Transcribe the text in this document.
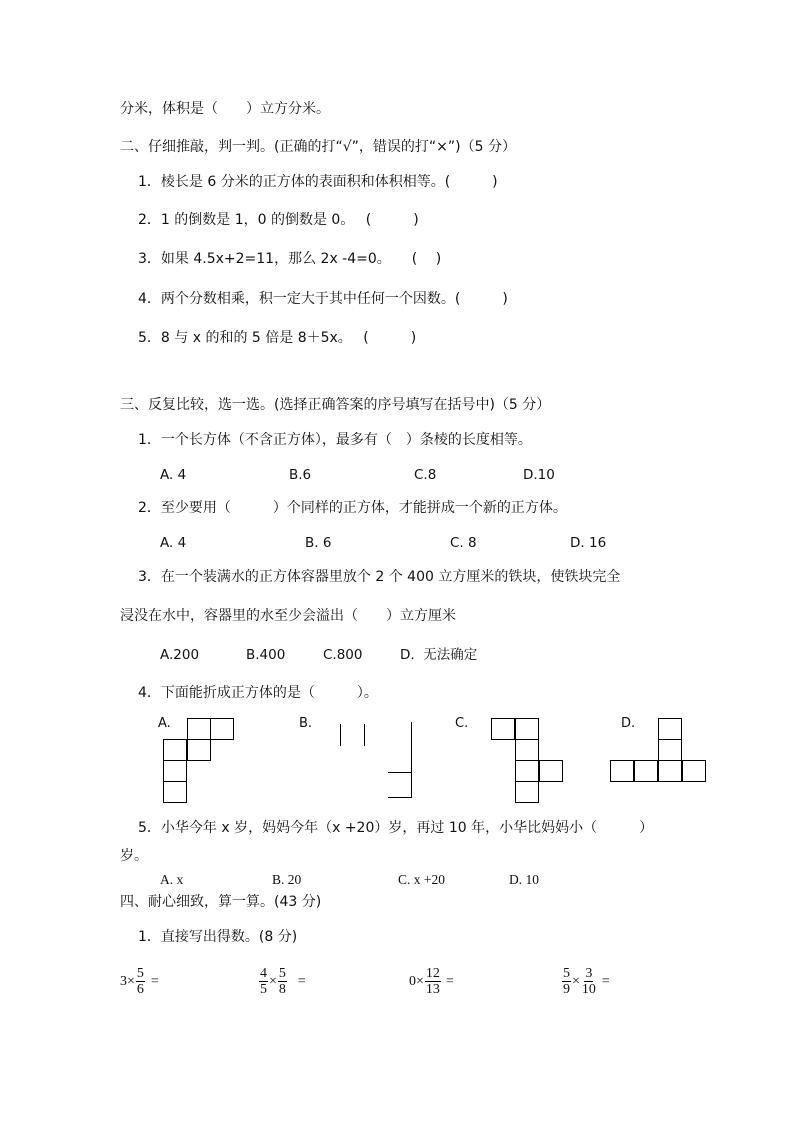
分米，体积是（　　）立方分米。
二、仔细推敲，判一判。(正确的打“√”，错误的打“×”)（5 分）
1．棱长是 6 分米的正方体的表面积和体积相等。(　　　)
2．1 的倒数是 1，0 的倒数是 0。　 (　　　)
3．如果 4.5x+2=11，那么 2x -4=0。　　(　 )
4．两个分数相乘，积一定大于其中任何一个因数。(　　　)
5．8 与 x 的和的 5 倍是 8＋5x。　 (　　　)
三、反复比较，选一选。(选择正确答案的序号填写在括号中)（5 分）
1．一个长方体（不含正方体），最多有（　）条棱的长度相等。
A. 4	B.6	C.8	D.10
2．至少要用（　　　）个同样的正方体，才能拼成一个新的正方体。
A. 4	B. 6	C. 8	D. 16
3．在一个装满水的正方体容器里放个 2 个 400 立方厘米的铁块，使铁块完全
浸没在水中，容器里的水至少会溢出（　　）立方厘米
A.200	B.400	C.800	D.  无法确定
4．下面能折成正方体的是（　　　）。
A.	B.	C.	D.
5．小华今年 x 岁，妈妈今年（x +20）岁，再过 10 年，小华比妈妈小（　　　）
岁。
A. x	B. 20	C. x +20	D. 10
四、耐心细致，算一算。(43 分)
1．直接写出得数。(8 分)
$3\times \frac{5}{6}$ =	$\frac{4}{5} \times \frac{5}{8}$ =	$0\times \frac{12}{13}$ =	$\frac{5}{9} \times \frac{3}{10}$ =
